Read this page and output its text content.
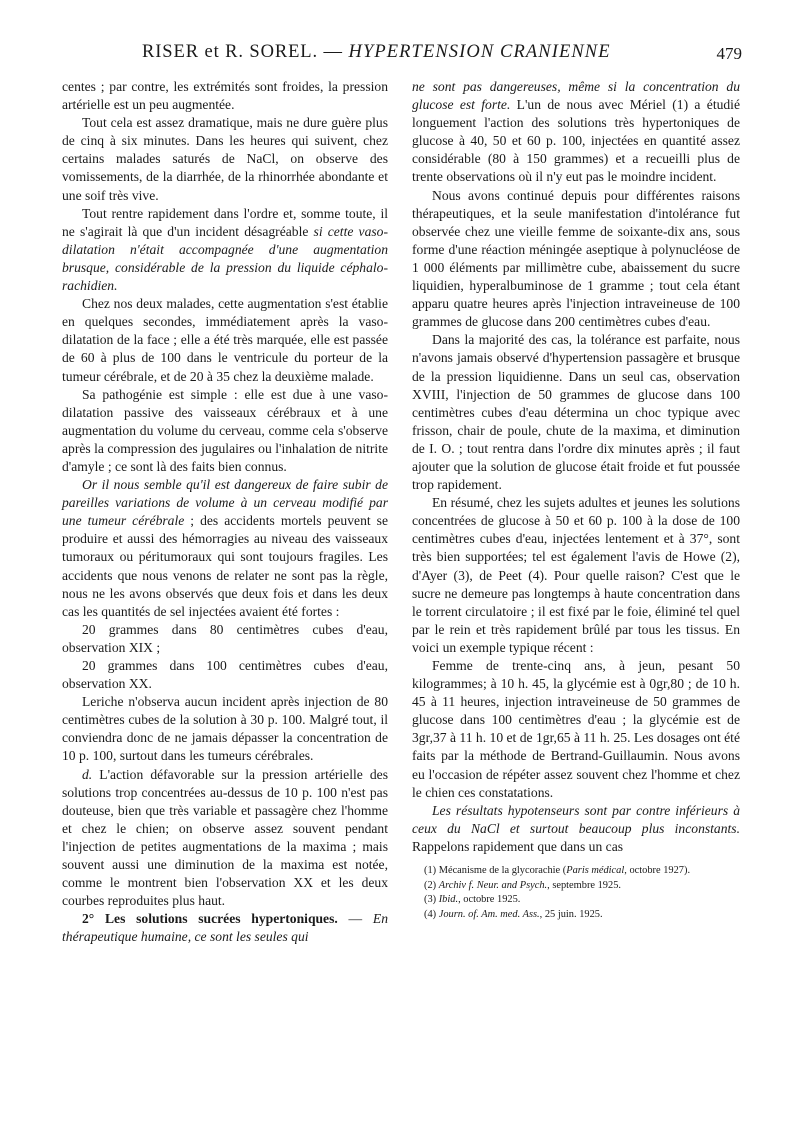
RISER et R. SOREL. — HYPERTENSION CRANIENNE	479

centes ; par contre, les extrémités sont froides, la pression artérielle est un peu augmentée.

Tout cela est assez dramatique, mais ne dure guère plus de cinq à six minutes. Dans les heures qui suivent, chez certains malades saturés de NaCl, on observe des vomissements, de la diarrhée, de la rhinorrhée abondante et une soif très vive.

Tout rentre rapidement dans l'ordre et, somme toute, il ne s'agirait là que d'un incident désagréable si cette vaso-dilatation n'était accompagnée d'une augmentation brusque, considérable de la pression du liquide céphalo-rachidien.

Chez nos deux malades, cette augmentation s'est établie en quelques secondes, immédiatement après la vaso-dilatation de la face ; elle a été très marquée, elle est passée de 60 à plus de 100 dans le ventricule du porteur de la tumeur cérébrale, et de 20 à 35 chez la deuxième malade.

Sa pathogénie est simple : elle est due à une vaso-dilatation passive des vaisseaux cérébraux et à une augmentation du volume du cerveau, comme cela s'observe après la compression des jugulaires ou l'inhalation de nitrite d'amyle ; ce sont là des faits bien connus.

Or il nous semble qu'il est dangereux de faire subir de pareilles variations de volume à un cerveau modifié par une tumeur cérébrale ; des accidents mortels peuvent se produire et aussi des hémorragies au niveau des vaisseaux tumoraux ou péritumoraux qui sont toujours fragiles. Les accidents que nous venons de relater ne sont pas la règle, nous ne les avons observés que deux fois et dans les deux cas les quantités de sel injectées avaient été fortes :

20 grammes dans 80 centimètres cubes d'eau, observation XIX ;

20 grammes dans 100 centimètres cubes d'eau, observation XX.

Leriche n'observa aucun incident après injection de 80 centimètres cubes de la solution à 30 p. 100. Malgré tout, il conviendra donc de ne jamais dépasser la concentration de 10 p. 100, surtout dans les tumeurs cérébrales.

d. L'action défavorable sur la pression artérielle des solutions trop concentrées au-dessus de 10 p. 100 n'est pas douteuse, bien que très variable et passagère chez l'homme et chez le chien; on observe assez souvent pendant l'injection de petites augmentations de la maxima ; mais souvent aussi une diminution de la maxima est notée, comme le montrent bien l'observation XX et les deux courbes reproduites plus haut.

2° Les solutions sucrées hypertoniques. — En thérapeutique humaine, ce sont les seules qui

ne sont pas dangereuses, même si la concentration du glucose est forte. L'un de nous avec Mériel (1) a étudié longuement l'action des solutions très hypertoniques de glucose à 40, 50 et 60 p. 100, injectées en quantité assez considérable (80 à 150 grammes) et a recueilli plus de trente observations où il n'y eut pas le moindre incident.

Nous avons continué depuis pour différentes raisons thérapeutiques, et la seule manifestation d'intolérance fut observée chez une vieille femme de soixante-dix ans, sous forme d'une réaction méningée aseptique à polynucléose de 1 000 éléments par millimètre cube, abaissement du sucre liquidien, hyperalbuminose de 1 gramme ; tout cela étant apparu quatre heures après l'injection intraveineuse de 100 grammes de glucose dans 200 centimètres cubes d'eau.

Dans la majorité des cas, la tolérance est parfaite, nous n'avons jamais observé d'hypertension passagère et brusque de la pression liquidienne. Dans un seul cas, observation XVIII, l'injection de 50 grammes de glucose dans 100 centimètres cubes d'eau détermina un choc typique avec frisson, chair de poule, chute de la maxima, et diminution de I. O. ; tout rentra dans l'ordre dix minutes après ; il faut ajouter que la solution de glucose était froide et fut poussée trop rapidement.

En résumé, chez les sujets adultes et jeunes les solutions concentrées de glucose à 50 et 60 p. 100 à la dose de 100 centimètres cubes d'eau, injectées lentement et à 37°, sont très bien supportées; tel est également l'avis de Howe (2), d'Ayer (3), de Peet (4). Pour quelle raison? C'est que le sucre ne demeure pas longtemps à haute concentration dans le torrent circulatoire ; il est fixé par le foie, éliminé tel quel par le rein et très rapidement brûlé par tous les tissus. En voici un exemple typique récent :

Femme de trente-cinq ans, à jeun, pesant 50 kilogrammes; à 10 h. 45, la glycémie est à 0gr,80 ; de 10 h. 45 à 11 heures, injection intraveineuse de 50 grammes de glucose dans 100 centimètres d'eau ; la glycémie est de 3gr,37 à 11 h. 10 et de 1gr,65 à 11 h. 25. Les dosages ont été faits par la méthode de Bertrand-Guillaumin. Nous avons eu l'occasion de répéter assez souvent chez l'homme et chez le chien ces constatations.

Les résultats hypotenseurs sont par contre inférieurs à ceux du NaCl et surtout beaucoup plus inconstants. Rappelons rapidement que dans un cas

(1) Mécanisme de la glycorachie (Paris médical, octobre 1927).
(2) Archiv f. Neur. and Psych., septembre 1925.
(3) Ibid., octobre 1925.
(4) Journ. of. Am. med. Ass., 25 juin. 1925.
